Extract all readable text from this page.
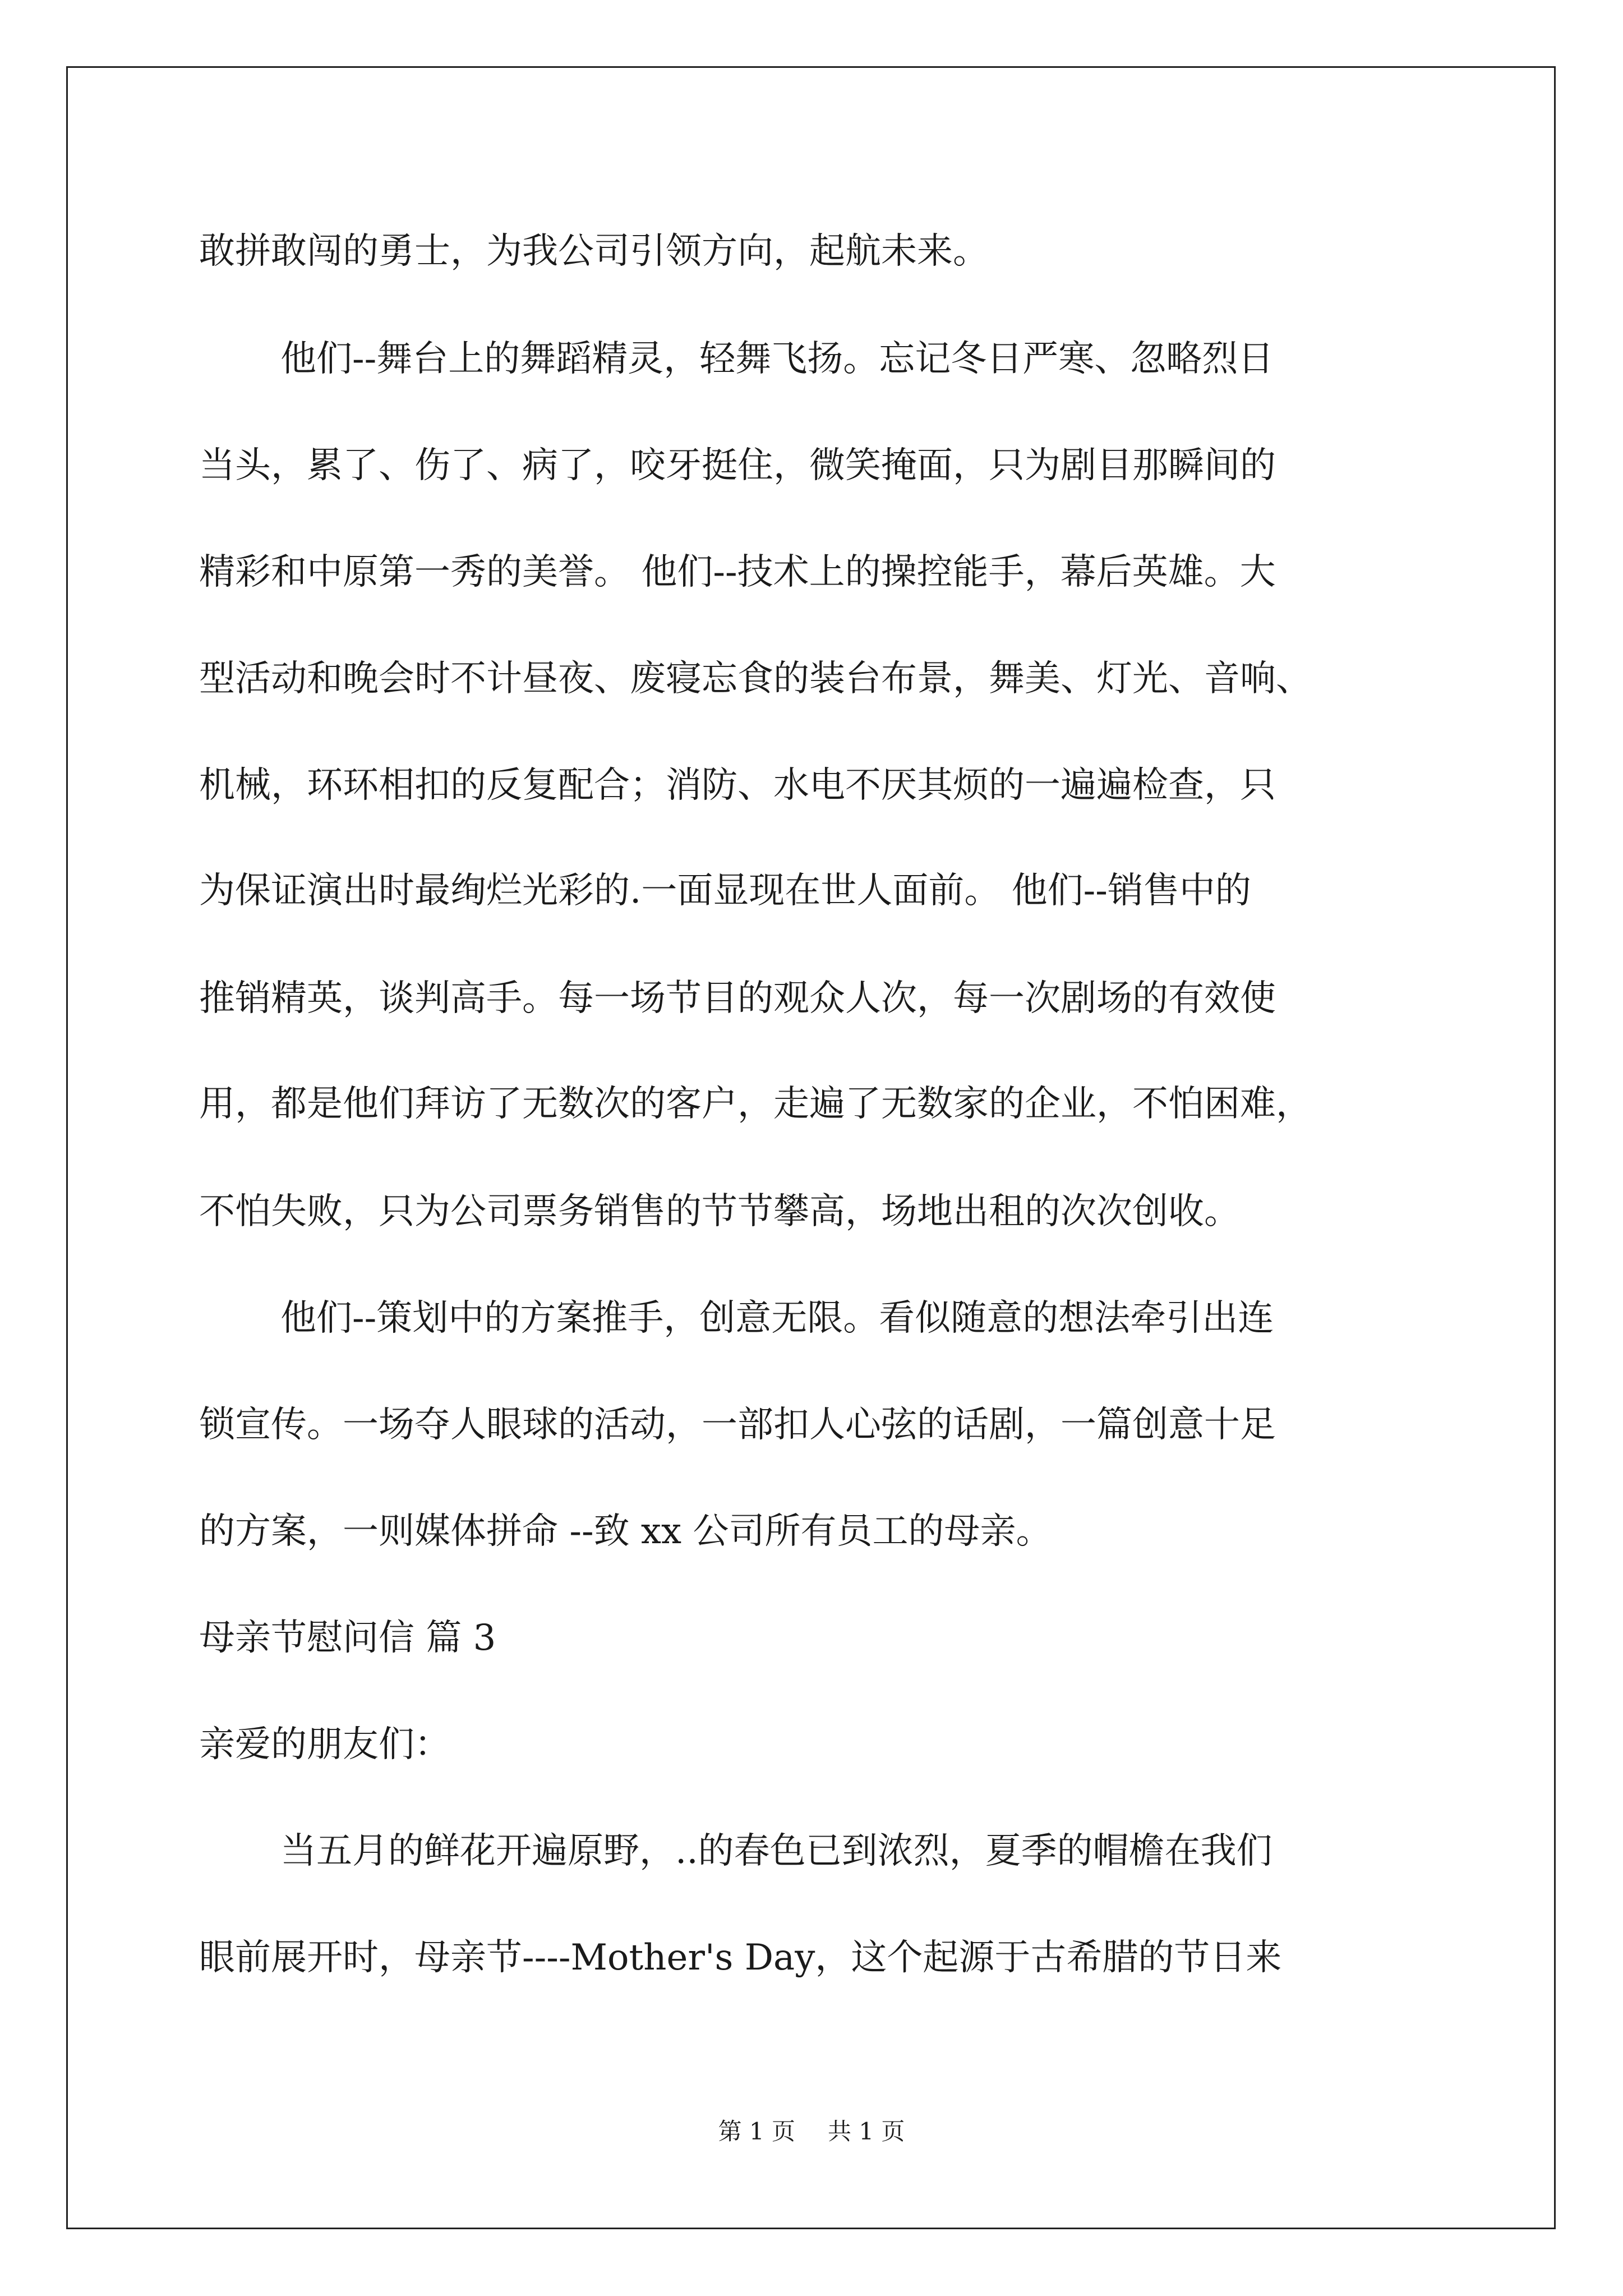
敢拼敢闯的勇士，为我公司引领方向，起航未来。
他们--舞台上的舞蹈精灵，轻舞飞扬。忘记冬日严寒、忽略烈日
当头，累了、伤了、病了，咬牙挺住，微笑掩面，只为剧目那瞬间的
精彩和中原第一秀的美誉。 他们--技术上的操控能手，幕后英雄。大
型活动和晚会时不计昼夜、废寝忘食的装台布景，舞美、灯光、音响、
机械，环环相扣的反复配合；消防、水电不厌其烦的一遍遍检查，只
为保证演出时最绚烂光彩的.一面显现在世人面前。 他们--销售中的
推销精英，谈判高手。每一场节目的观众人次，每一次剧场的有效使
用，都是他们拜访了无数次的客户，走遍了无数家的企业，不怕困难，
不怕失败，只为公司票务销售的节节攀高，场地出租的次次创收。
他们--策划中的方案推手，创意无限。看似随意的想法牵引出连
锁宣传。一场夺人眼球的活动，一部扣人心弦的话剧，一篇创意十足
的方案，一则媒体拼命 --致 xx 公司所有员工的母亲。
母亲节慰问信 篇 3
亲爱的朋友们：
当五月的鲜花开遍原野，..的春色已到浓烈，夏季的帽檐在我们
眼前展开时，母亲节----Mother's Day，这个起源于古希腊的节日来
第 1 页 共 1 页
